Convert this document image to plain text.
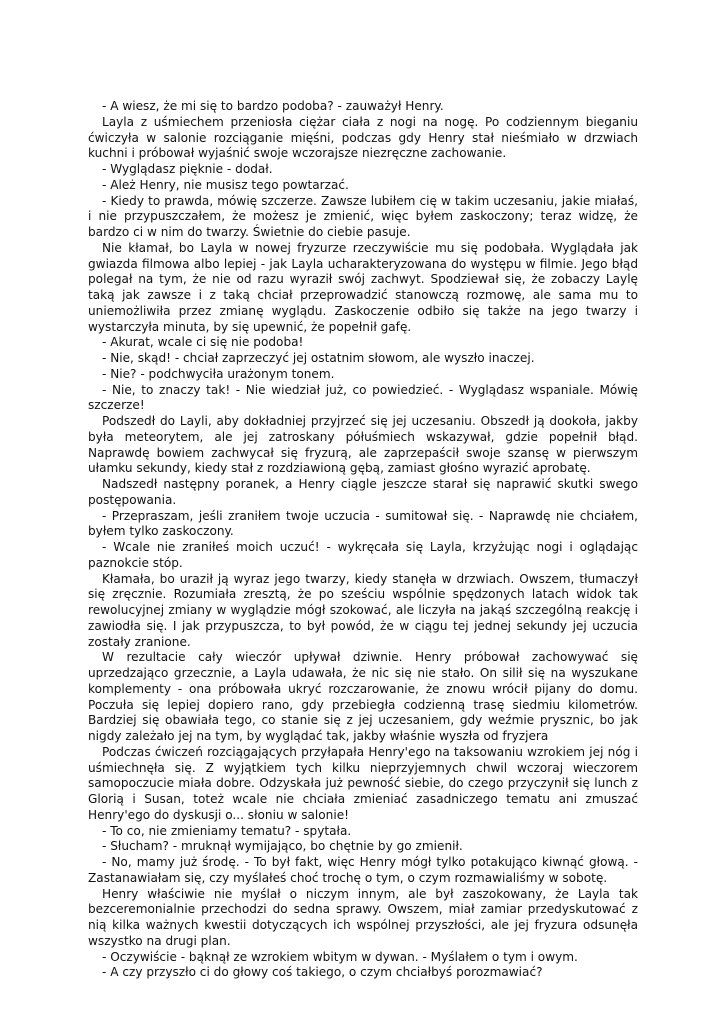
- A wiesz, że mi się to bardzo podoba? - zauważył Henry.

Layla z uśmiechem przeniosła ciężar ciała z nogi na nogę. Po codziennym bieganiu ćwiczyła w salonie rozciąganie mięśni, podczas gdy Henry stał nieśmiało w drzwiach kuchni i próbował wyjaśnić swoje wczorajsze niezręczne zachowanie.

- Wyglądasz pięknie - dodał.

- Ależ Henry, nie musisz tego powtarzać.

- Kiedy to prawda, mówię szczerze. Zawsze lubiłem cię w takim uczesaniu, jakie miałaś, i nie przypuszczałem, że możesz je zmienić, więc byłem zaskoczony; teraz widzę, że bardzo ci w nim do twarzy. Świetnie do ciebie pasuje.

Nie kłamał, bo Layla w nowej fryzurze rzeczywiście mu się podobała. Wyglądała jak gwiazda filmowa albo lepiej - jak Layla ucharakteryzowana do występu w filmie. Jego błąd polegał na tym, że nie od razu wyraził swój zachwyt. Spodziewał się, że zobaczy Laylę taką jak zawsze i z taką chciał przeprowadzić stanowczą rozmowę, ale sama mu to uniemożliwiła przez zmianę wyglądu. Zaskoczenie odbiło się także na jego twarzy i wystarczyła minuta, by się upewnić, że popełnił gafę.

- Akurat, wcale ci się nie podoba!

- Nie, skąd! - chciał zaprzeczyć jej ostatnim słowom, ale wyszło inaczej.

- Nie? - podchwyciła urażonym tonem.

- Nie, to znaczy tak! - Nie wiedział już, co powiedzieć. - Wyglądasz wspaniale. Mówię szczerze!

Podszedł do Layli, aby dokładniej przyjrzeć się jej uczesaniu. Obszedł ją dookoła, jakby była meteorytem, ale jej zatroskany półuśmiech wskazywał, gdzie popełnił błąd. Naprawdę bowiem zachwycał się fryzurą, ale zaprzepaścił swoje szansę w pierwszym ułamku sekundy, kiedy stał z rozdziawioną gębą, zamiast głośno wyrazić aprobatę.

Nadszedł następny poranek, a Henry ciągle jeszcze starał się naprawić skutki swego postępowania.

- Przepraszam, jeśli zraniłem twoje uczucia - sumitował się. - Naprawdę nie chciałem, byłem tylko zaskoczony.

- Wcale nie zraniłeś moich uczuć! - wykręcała się Layla, krzyżując nogi i oglądając paznokcie stóp.

Kłamała, bo uraził ją wyraz jego twarzy, kiedy stanęła w drzwiach. Owszem, tłumaczył się zręcznie. Rozumiała zresztą, że po sześciu wspólnie spędzonych latach widok tak rewolucyjnej zmiany w wyglądzie mógł szokować, ale liczyła na jakąś szczególną reakcję i zawiodła się. I jak przypuszcza, to był powód, że w ciągu tej jednej sekundy jej uczucia zostały zranione.

W rezultacie cały wieczór upływał dziwnie. Henry próbował zachowywać się uprzedzająco grzecznie, a Layla udawała, że nic się nie stało. On silił się na wyszukane komplementy - ona próbowała ukryć rozczarowanie, że znowu wrócił pijany do domu. Poczuła się lepiej dopiero rano, gdy przebiegła codzienną trasę siedmiu kilometrów. Bardziej się obawiała tego, co stanie się z jej uczesaniem, gdy weźmie prysznic, bo jak nigdy zależało jej na tym, by wyglądać tak, jakby właśnie wyszła od fryzjera

Podczas ćwiczeń rozciągających przyłapała Henry'ego na taksowaniu wzrokiem jej nóg i uśmiechnęła się. Z wyjątkiem tych kilku nieprzyjemnych chwil wczoraj wieczorem samopoczucie miała dobre. Odzyskała już pewność siebie, do czego przyczynił się lunch z Glorią i Susan, toteż wcale nie chciała zmieniać zasadniczego tematu ani zmuszać Henry'ego do dyskusji o... słoniu w salonie!

- To co, nie zmieniamy tematu? - spytała.

- Słucham? - mruknął wymijająco, bo chętnie by go zmienił.

- No, mamy już środę. - To był fakt, więc Henry mógł tylko potakująco kiwnąć głową. - Zastanawiałam się, czy myślałeś choć trochę o tym, o czym rozmawialiśmy w sobotę.

Henry właściwie nie myślał o niczym innym, ale był zaszokowany, że Layla tak bezceremonialnie przechodzi do sedna sprawy. Owszem, miał zamiar przedyskutować z nią kilka ważnych kwestii dotyczących ich wspólnej przyszłości, ale jej fryzura odsunęła wszystko na drugi plan.

- Oczywiście - bąknął ze wzrokiem wbitym w dywan. - Myślałem o tym i owym.

- A czy przyszło ci do głowy coś takiego, o czym chciałbyś porozmawiać?
